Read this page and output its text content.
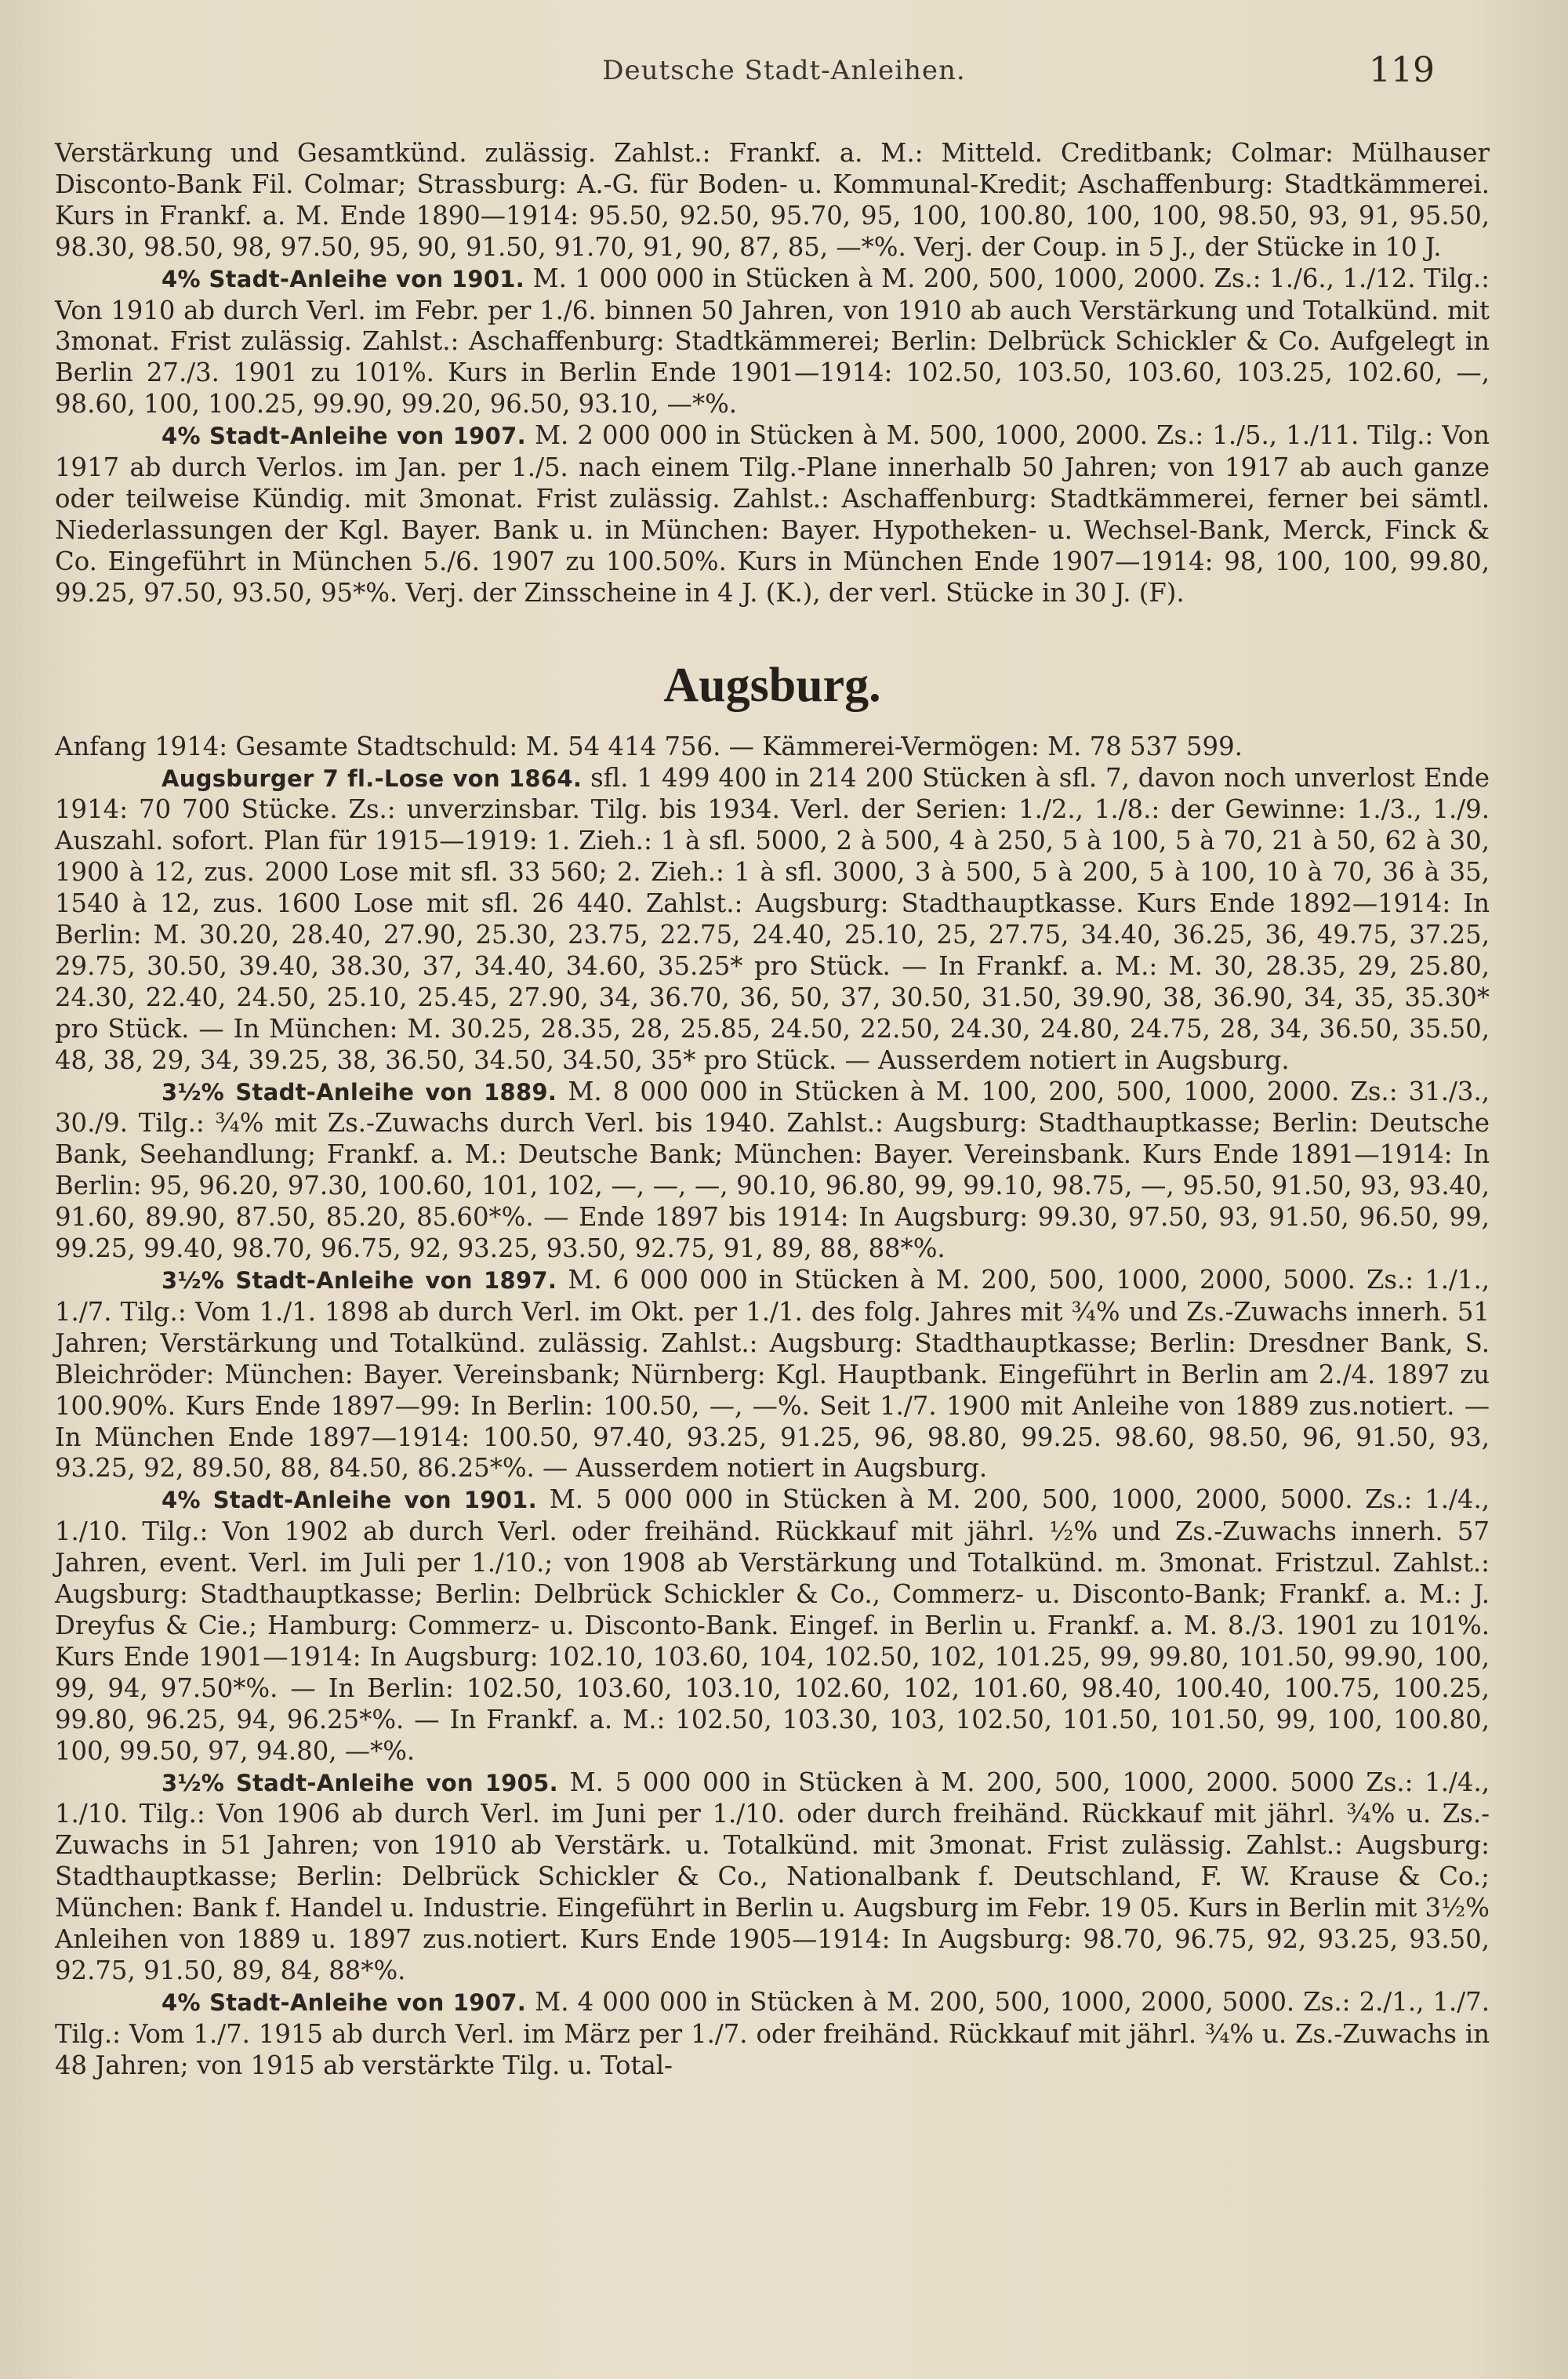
Deutsche Stadt-Anleihen.	119

Verstärkung und Gesamtkünd. zulässig. Zahlst.: Frankf. a. M.: Mitteld. Creditbank; Colmar: Mülhauser Disconto-Bank Fil. Colmar; Strassburg: A.-G. für Boden- u. Kommunal-Kredit; Aschaffenburg: Stadtkämmerei. Kurs in Frankf. a. M. Ende 1890—1914: 95.50, 92.50, 95.70, 95, 100, 100.80, 100, 100, 98.50, 93, 91, 95.50, 98.30, 98.50, 98, 97.50, 95, 90, 91.50, 91.70, 91, 90, 87, 85, —*%. Verj. der Coup. in 5 J., der Stücke in 10 J.

4% Stadt-Anleihe von 1901. M. 1 000 000 in Stücken à M. 200, 500, 1000, 2000. Zs.: 1./6., 1./12. Tilg.: Von 1910 ab durch Verl. im Febr. per 1./6. binnen 50 Jahren, von 1910 ab auch Verstärkung und Totalkünd. mit 3monat. Frist zulässig. Zahlst.: Aschaffenburg: Stadtkämmerei; Berlin: Delbrück Schickler & Co. Aufgelegt in Berlin 27./3. 1901 zu 101%. Kurs in Berlin Ende 1901—1914: 102.50, 103.50, 103.60, 103.25, 102.60, —, 98.60, 100, 100.25, 99.90, 99.20, 96.50, 93.10, —*%.

4% Stadt-Anleihe von 1907. M. 2 000 000 in Stücken à M. 500, 1000, 2000. Zs.: 1./5., 1./11. Tilg.: Von 1917 ab durch Verlos. im Jan. per 1./5. nach einem Tilg.-Plane innerhalb 50 Jahren; von 1917 ab auch ganze oder teilweise Kündig. mit 3monat. Frist zulässig. Zahlst.: Aschaffenburg: Stadtkämmerei, ferner bei sämtl. Niederlassungen der Kgl. Bayer. Bank u. in München: Bayer. Hypotheken- u. Wechsel-Bank, Merck, Finck & Co. Eingeführt in München 5./6. 1907 zu 100.50%. Kurs in München Ende 1907—1914: 98, 100, 100, 99.80, 99.25, 97.50, 93.50, 95*%. Verj. der Zinsscheine in 4 J. (K.), der verl. Stücke in 30 J. (F).

Augsburg.

Anfang 1914: Gesamte Stadtschuld: M. 54 414 756. — Kämmerei-Vermögen: M. 78 537 599.

Augsburger 7 fl.-Lose von 1864. sfl. 1 499 400 in 214 200 Stücken à sfl. 7, davon noch unverlost Ende 1914: 70 700 Stücke. Zs.: unverzinsbar. Tilg. bis 1934. Verl. der Serien: 1./2., 1./8.: der Gewinne: 1./3., 1./9. Auszahl. sofort. Plan für 1915—1919: 1. Zieh.: 1 à sfl. 5000, 2 à 500, 4 à 250, 5 à 100, 5 à 70, 21 à 50, 62 à 30, 1900 à 12, zus. 2000 Lose mit sfl. 33 560; 2. Zieh.: 1 à sfl. 3000, 3 à 500, 5 à 200, 5 à 100, 10 à 70, 36 à 35, 1540 à 12, zus. 1600 Lose mit sfl. 26 440. Zahlst.: Augsburg: Stadthauptkasse. Kurs Ende 1892—1914: In Berlin: M. 30.20, 28.40, 27.90, 25.30, 23.75, 22.75, 24.40, 25.10, 25, 27.75, 34.40, 36.25, 36, 49.75, 37.25, 29.75, 30.50, 39.40, 38.30, 37, 34.40, 34.60, 35.25* pro Stück. — In Frankf. a. M.: M. 30, 28.35, 29, 25.80, 24.30, 22.40, 24.50, 25.10, 25.45, 27.90, 34, 36.70, 36, 50, 37, 30.50, 31.50, 39.90, 38, 36.90, 34, 35, 35.30* pro Stück. — In München: M. 30.25, 28.35, 28, 25.85, 24.50, 22.50, 24.30, 24.80, 24.75, 28, 34, 36.50, 35.50, 48, 38, 29, 34, 39.25, 38, 36.50, 34.50, 34.50, 35* pro Stück. — Ausserdem notiert in Augsburg.

3½% Stadt-Anleihe von 1889. M. 8 000 000 in Stücken à M. 100, 200, 500, 1000, 2000. Zs.: 31./3., 30./9. Tilg.: ¾% mit Zs.-Zuwachs durch Verl. bis 1940. Zahlst.: Augsburg: Stadthauptkasse; Berlin: Deutsche Bank, Seehandlung; Frankf. a. M.: Deutsche Bank; München: Bayer. Vereinsbank. Kurs Ende 1891—1914: In Berlin: 95, 96.20, 97.30, 100.60, 101, 102, —, —, —, 90.10, 96.80, 99, 99.10, 98.75, —, 95.50, 91.50, 93, 93.40, 91.60, 89.90, 87.50, 85.20, 85.60*%. — Ende 1897 bis 1914: In Augsburg: 99.30, 97.50, 93, 91.50, 96.50, 99, 99.25, 99.40, 98.70, 96.75, 92, 93.25, 93.50, 92.75, 91, 89, 88, 88*%.

3½% Stadt-Anleihe von 1897. M. 6 000 000 in Stücken à M. 200, 500, 1000, 2000, 5000. Zs.: 1./1., 1./7. Tilg.: Vom 1./1. 1898 ab durch Verl. im Okt. per 1./1. des folg. Jahres mit ¾% und Zs.-Zuwachs innerh. 51 Jahren; Verstärkung und Totalkünd. zulässig. Zahlst.: Augsburg: Stadthauptkasse; Berlin: Dresdner Bank, S. Bleichröder: München: Bayer. Vereinsbank; Nürnberg: Kgl. Hauptbank. Eingeführt in Berlin am 2./4. 1897 zu 100.90%. Kurs Ende 1897—99: In Berlin: 100.50, —, —%. Seit 1./7. 1900 mit Anleihe von 1889 zus.notiert. — In München Ende 1897—1914: 100.50, 97.40, 93.25, 91.25, 96, 98.80, 99.25. 98.60, 98.50, 96, 91.50, 93, 93.25, 92, 89.50, 88, 84.50, 86.25*%. — Ausserdem notiert in Augsburg.

4% Stadt-Anleihe von 1901. M. 5 000 000 in Stücken à M. 200, 500, 1000, 2000, 5000. Zs.: 1./4., 1./10. Tilg.: Von 1902 ab durch Verl. oder freihänd. Rückkauf mit jährl. ½% und Zs.-Zuwachs innerh. 57 Jahren, event. Verl. im Juli per 1./10.; von 1908 ab Verstärkung und Totalkünd. m. 3monat. Fristzul. Zahlst.: Augsburg: Stadthauptkasse; Berlin: Delbrück Schickler & Co., Commerz- u. Disconto-Bank; Frankf. a. M.: J. Dreyfus & Cie.; Hamburg: Commerz- u. Disconto-Bank. Eingef. in Berlin u. Frankf. a. M. 8./3. 1901 zu 101%. Kurs Ende 1901—1914: In Augsburg: 102.10, 103.60, 104, 102.50, 102, 101.25, 99, 99.80, 101.50, 99.90, 100, 99, 94, 97.50*%. — In Berlin: 102.50, 103.60, 103.10, 102.60, 102, 101.60, 98.40, 100.40, 100.75, 100.25, 99.80, 96.25, 94, 96.25*%. — In Frankf. a. M.: 102.50, 103.30, 103, 102.50, 101.50, 101.50, 99, 100, 100.80, 100, 99.50, 97, 94.80, —*%.

3½% Stadt-Anleihe von 1905. M. 5 000 000 in Stücken à M. 200, 500, 1000, 2000. 5000 Zs.: 1./4., 1./10. Tilg.: Von 1906 ab durch Verl. im Juni per 1./10. oder durch freihänd. Rückkauf mit jährl. ¾% u. Zs.-Zuwachs in 51 Jahren; von 1910 ab Verstärk. u. Totalkünd. mit 3monat. Frist zulässig. Zahlst.: Augsburg: Stadthauptkasse; Berlin: Delbrück Schickler & Co., Nationalbank f. Deutschland, F. W. Krause & Co.; München: Bank f. Handel u. Industrie. Eingeführt in Berlin u. Augsburg im Febr. 19 05. Kurs in Berlin mit 3½% Anleihen von 1889 u. 1897 zus.notiert. Kurs Ende 1905—1914: In Augsburg: 98.70, 96.75, 92, 93.25, 93.50, 92.75, 91.50, 89, 84, 88*%.

4% Stadt-Anleihe von 1907. M. 4 000 000 in Stücken à M. 200, 500, 1000, 2000, 5000. Zs.: 2./1., 1./7. Tilg.: Vom 1./7. 1915 ab durch Verl. im März per 1./7. oder freihänd. Rückkauf mit jährl. ¾% u. Zs.-Zuwachs in 48 Jahren; von 1915 ab verstärkte Tilg. u. Total-
